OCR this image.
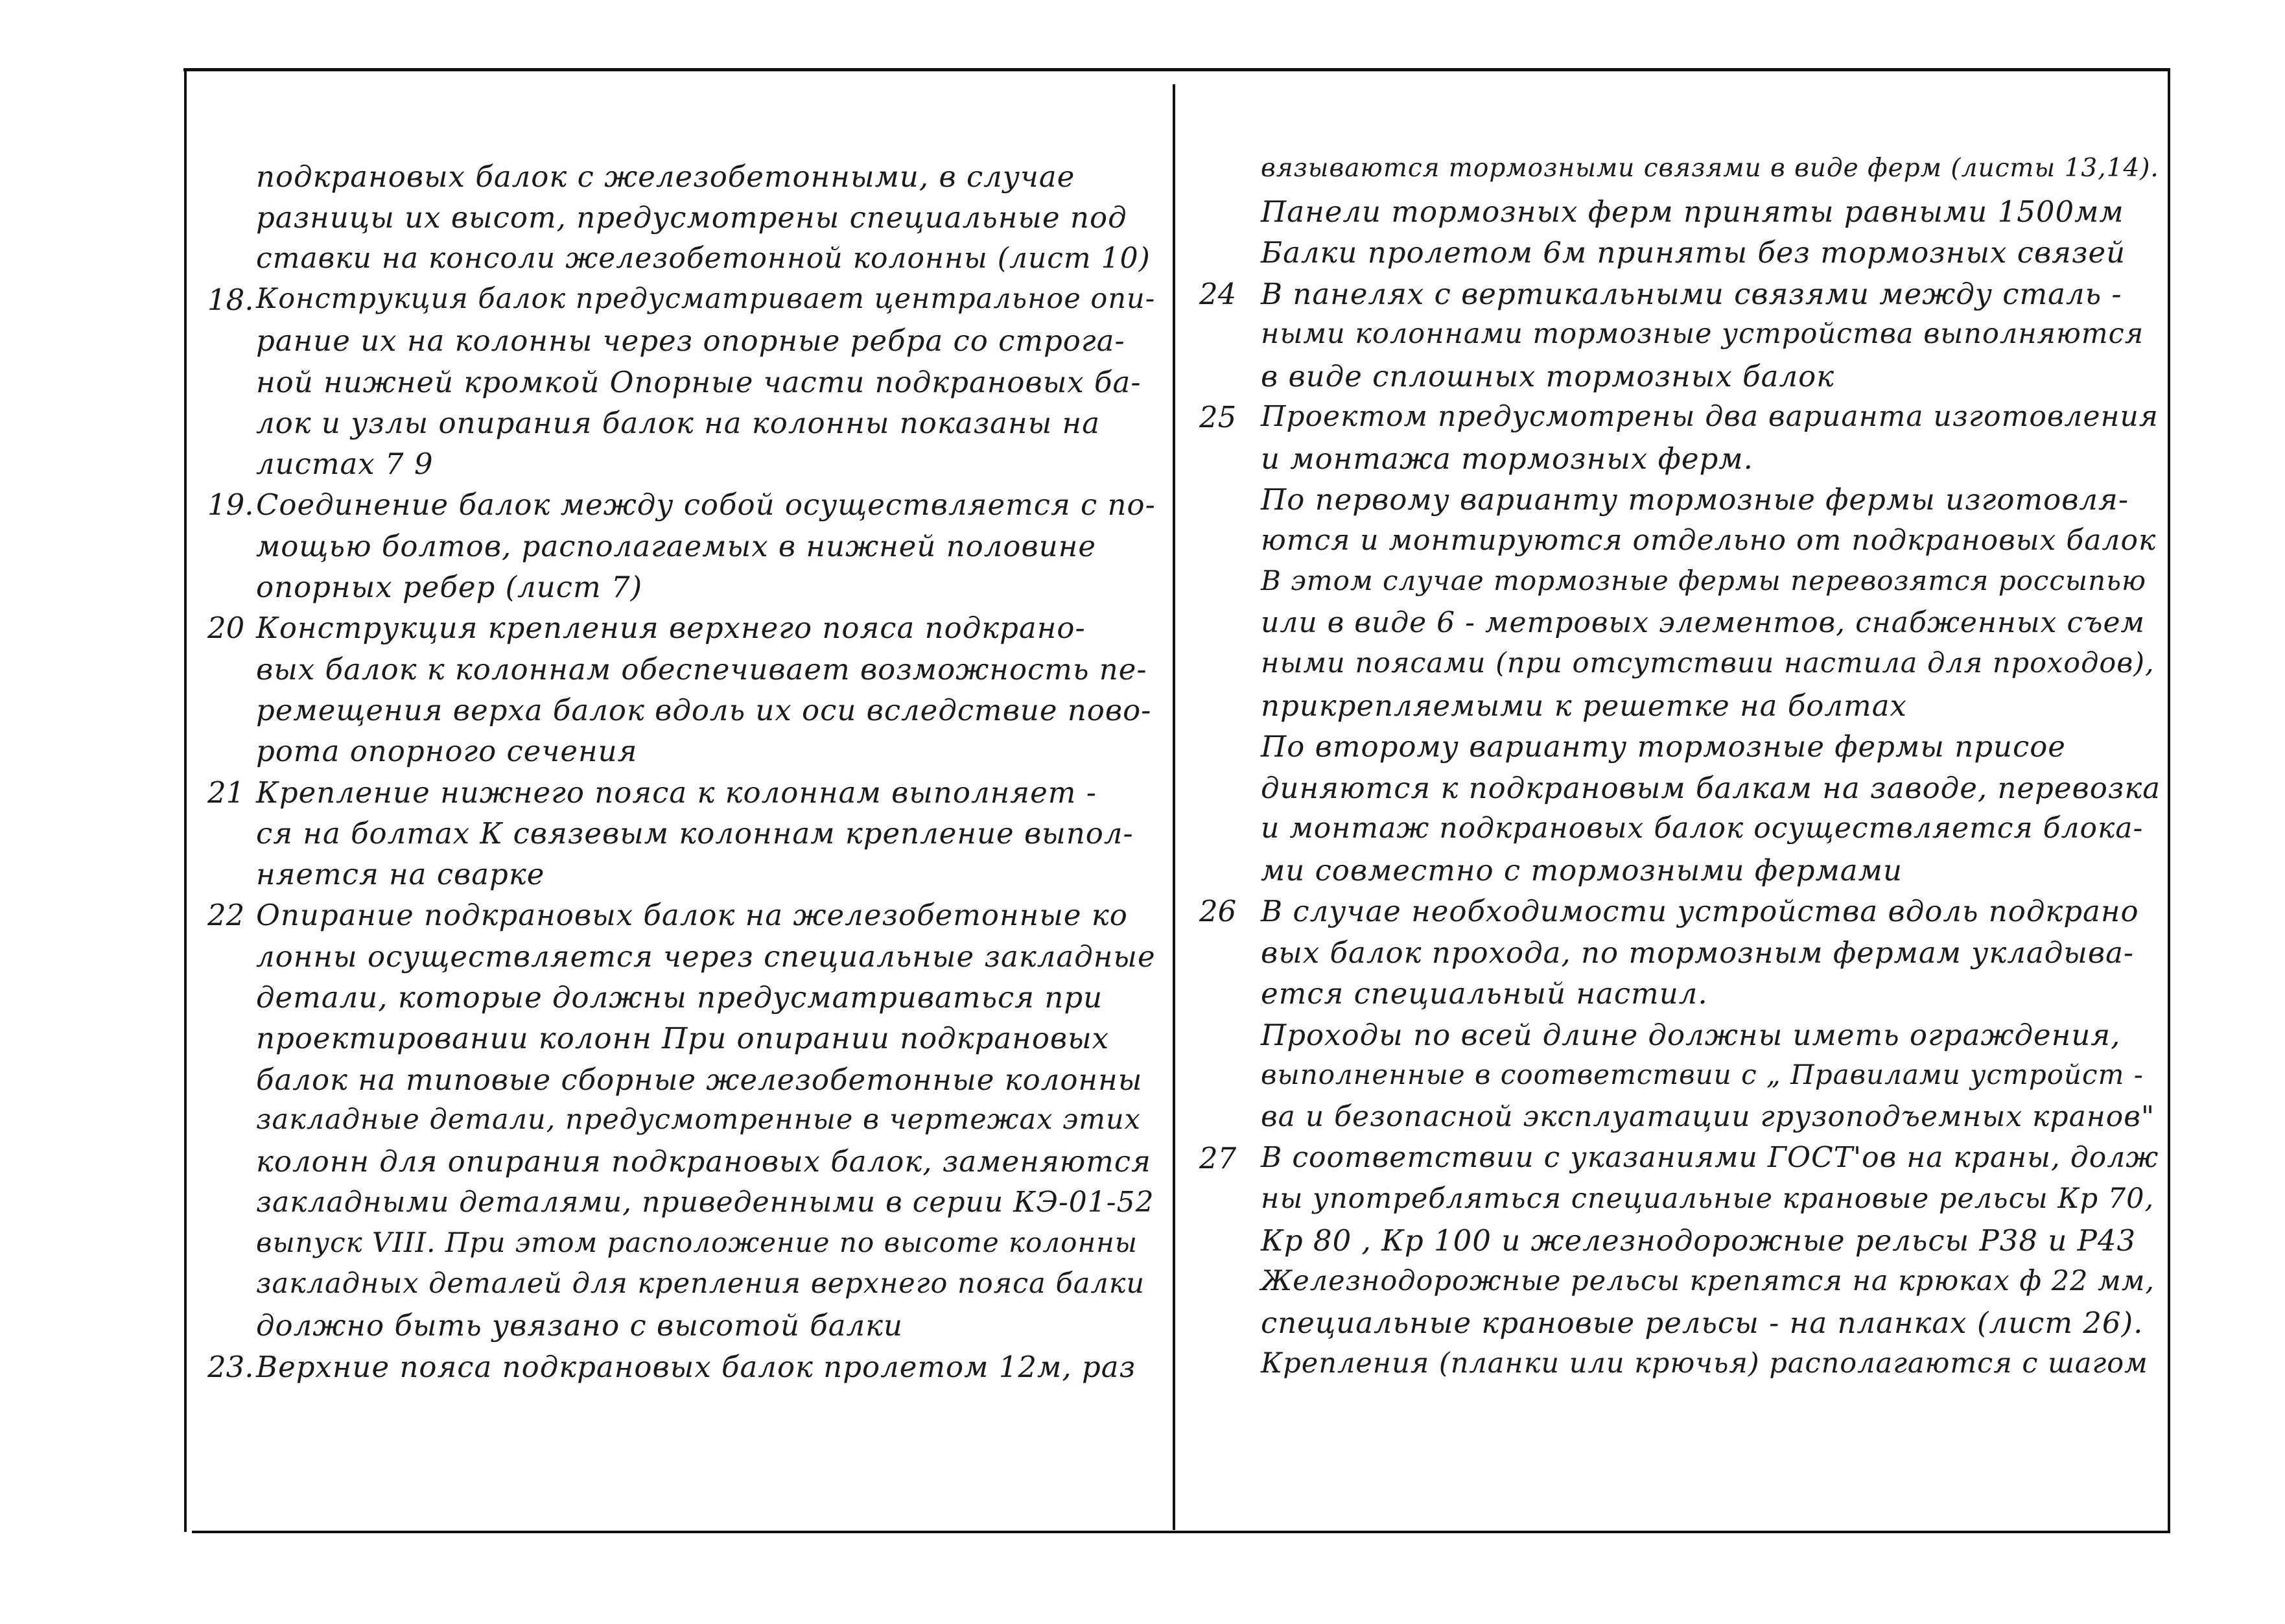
подкрановых балок с железобетонными, в случае
разницы их высот, предусмотрены специальные под
ставки на консоли железобетонной колонны (лист 10)
18. Конструкция балок предусматривает центральное опи-
рание их на колонны через опорные ребра со строга-
ной нижней кромкой Опорные части подкрановых ба-
лок и узлы опирания балок на колонны показаны на
листах 7 9
19. Соединение балок между собой осуществляется с по-
мощью болтов, располагаемых в нижней половине
опорных ребер (лист 7)
20 Конструкция крепления верхнего пояса подкрано-
вых балок к колоннам обеспечивает возможность пе-
ремещения верха балок вдоль их оси вследствие пово-
рота опорного сечения
21 Крепление нижнего пояса к колоннам выполняет -
ся на болтах К связевым колоннам крепление выпол-
няется на сварке
22 Опирание подкрановых балок на железобетонные ко
лонны осуществляется через специальные закладные
детали, которые должны предусматриваться при
проектировании колонн При опирании подкрановых
балок на типовые сборные железобетонные колонны
закладные детали, предусмотренные в чертежах этих
колонн для опирания подкрановых балок, заменяются
закладными деталями, приведенными в серии КЭ-01-52
выпуск VIII. При этом расположение по высоте колонны
закладных деталей для крепления верхнего пояса балки
должно быть увязано с высотой балки
23. Верхние пояса подкрановых балок пролетом 12м, раз
вязываются тормозными связями в виде ферм (листы 13,14).
Панели тормозных ферм приняты равными 1500мм
Балки пролетом 6м приняты без тормозных связей
24 В панелях с вертикальными связями между сталь -
ными колоннами тормозные устройства выполняются
в виде сплошных тормозных балок
25 Проектом предусмотрены два варианта изготовления
и монтажа тормозных ферм.
По первому варианту тормозные фермы изготовля-
ются и монтируются отдельно от подкрановых балок
В этом случае тормозные фермы перевозятся россыпью
или в виде 6 - метровых элементов, снабженных съем
ными поясами (при отсутствии настила для проходов),
прикрепляемыми к решетке на болтах
По второму варианту тормозные фермы присое
диняются к подкрановым балкам на заводе, перевозка
и монтаж подкрановых балок осуществляется блока-
ми совместно с тормозными фермами
26 В случае необходимости устройства вдоль подкрано
вых балок прохода, по тормозным фермам укладыва-
ется специальный настил.
Проходы по всей длине должны иметь ограждения,
выполненные в соответствии с „ Правилами устройст -
ва и безопасной эксплуатации грузоподъемных кранов"
27 В соответствии с указаниями ГОСТ'ов на краны, долж
ны употребляться специальные крановые рельсы Кр 70,
Кр 80 , Кр 100 и железнодорожные рельсы Р38 и Р43
Железнодорожные рельсы крепятся на крюках ф 22 мм,
специальные крановые рельсы - на планках (лист 26).
Крепления (планки или крючья) располагаются с шагом
